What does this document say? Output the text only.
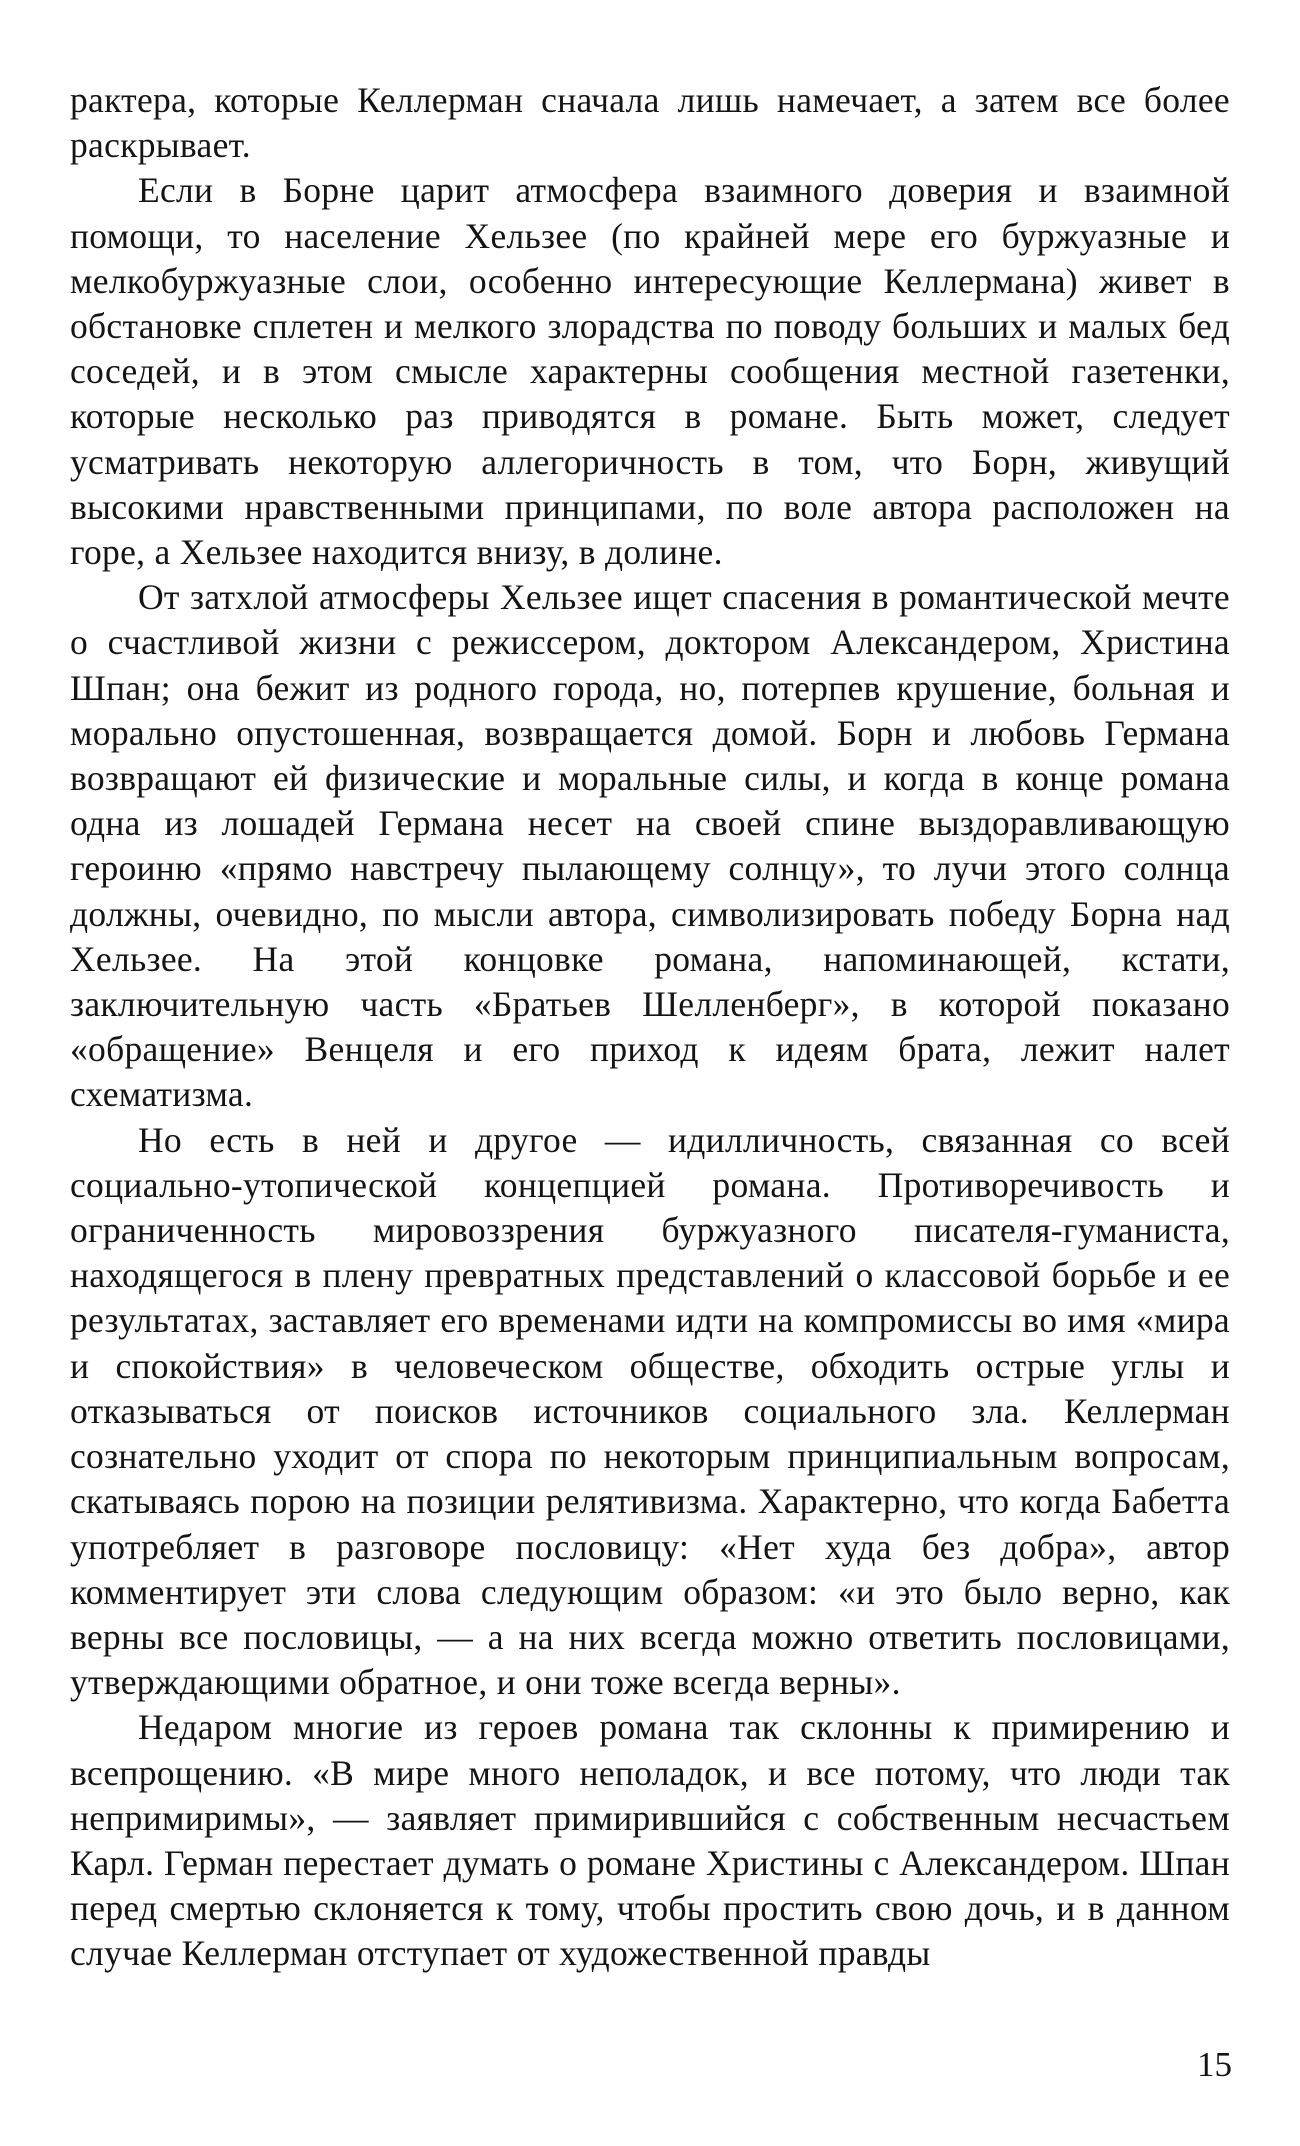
рактера, которые Келлерман сначала лишь намечает, а затем все более раскрывает.

Если в Борне царит атмосфера взаимного доверия и взаимной помощи, то население Хельзее (по крайней мере его буржуазные и мелкобуржуазные слои, особенно интересующие Келлермана) живет в обстановке сплетен и мелкого злорадства по поводу больших и малых бед соседей, и в этом смысле характерны сообщения местной газетенки, которые несколько раз приводятся в романе. Быть может, следует усматривать некоторую аллегоричность в том, что Борн, живущий высокими нравственными принципами, по воле автора расположен на горе, а Хельзее находится внизу, в долине.

От затхлой атмосферы Хельзее ищет спасения в романтической мечте о счастливой жизни с режиссером, доктором Александером, Христина Шпан; она бежит из родного города, но, потерпев крушение, больная и морально опустошенная, возвращается домой. Борн и любовь Германа возвращают ей физические и моральные силы, и когда в конце романа одна из лошадей Германа несет на своей спине выздоравливающую героиню «прямо навстречу пылающему солнцу», то лучи этого солнца должны, очевидно, по мысли автора, символизировать победу Борна над Хельзее. На этой концовке романа, напоминающей, кстати, заключительную часть «Братьев Шелленберг», в которой показано «обращение» Венцеля и его приход к идеям брата, лежит налет схематизма.

Но есть в ней и другое — идилличность, связанная со всей социально-утопической концепцией романа. Противоречивость и ограниченность мировоззрения буржуазного писателя-гуманиста, находящегося в плену превратных представлений о классовой борьбе и ее результатах, заставляет его временами идти на компромиссы во имя «мира и спокойствия» в человеческом обществе, обходить острые углы и отказываться от поисков источников социального зла. Келлерман сознательно уходит от спора по некоторым принципиальным вопросам, скатываясь порою на позиции релятивизма. Характерно, что когда Бабетта употребляет в разговоре пословицу: «Нет худа без добра», автор комментирует эти слова следующим образом: «и это было верно, как верны все пословицы, — а на них всегда можно ответить пословицами, утверждающими обратное, и они тоже всегда верны».

Недаром многие из героев романа так склонны к примирению и всепрощению. «В мире много неполадок, и все потому, что люди так непримиримы», — заявляет примирившийся с собственным несчастьем Карл. Герман перестает думать о романе Христины с Александером. Шпан перед смертью склоняется к тому, чтобы простить свою дочь, и в данном случае Келлерман отступает от художественной правды

15
